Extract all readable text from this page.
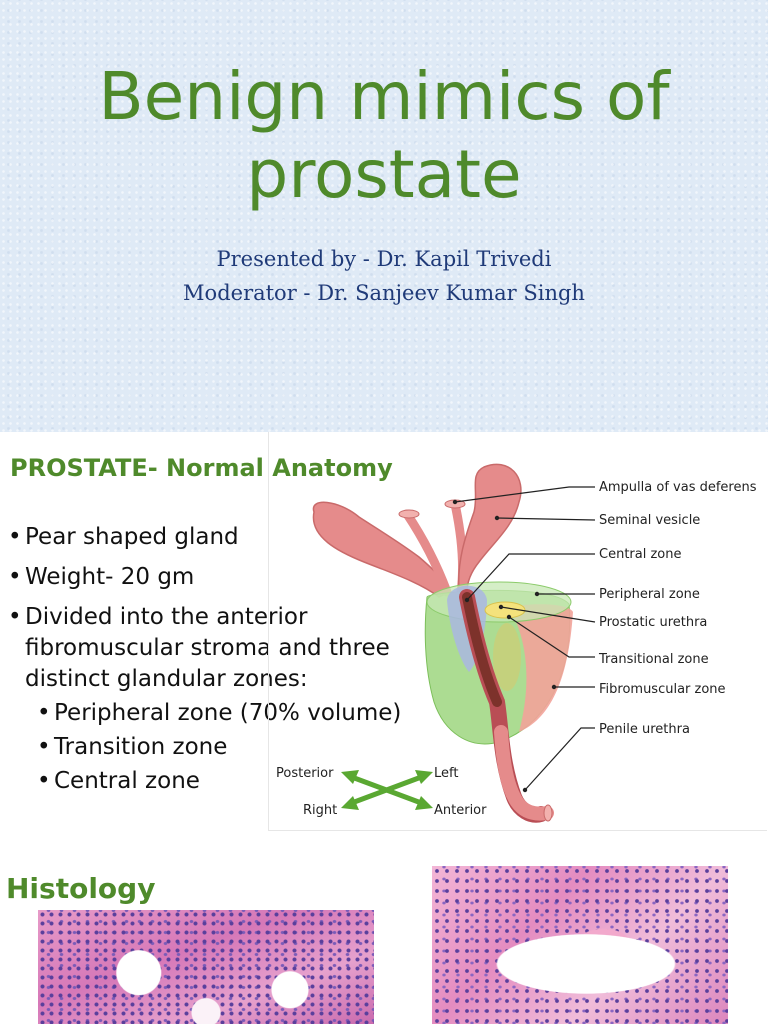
Benign mimics of
prostate
Presented by - Dr. Kapil Trivedi
Moderator - Dr. Sanjeev Kumar Singh
PROSTATE- Normal Anatomy
• Pear shaped gland
• Weight- 20 gm
• Divided into the anterior fibromuscular stroma and three distinct glandular zones:
• Peripheral zone (70% volume)
• Transition zone
• Central zone
Ampulla of vas deferens
Seminal vesicle
Central zone
Peripheral zone
Prostatic urethra
Transitional zone
Fibromuscular zone
Penile urethra
Posterior	Left
Right	Anterior
Histology
